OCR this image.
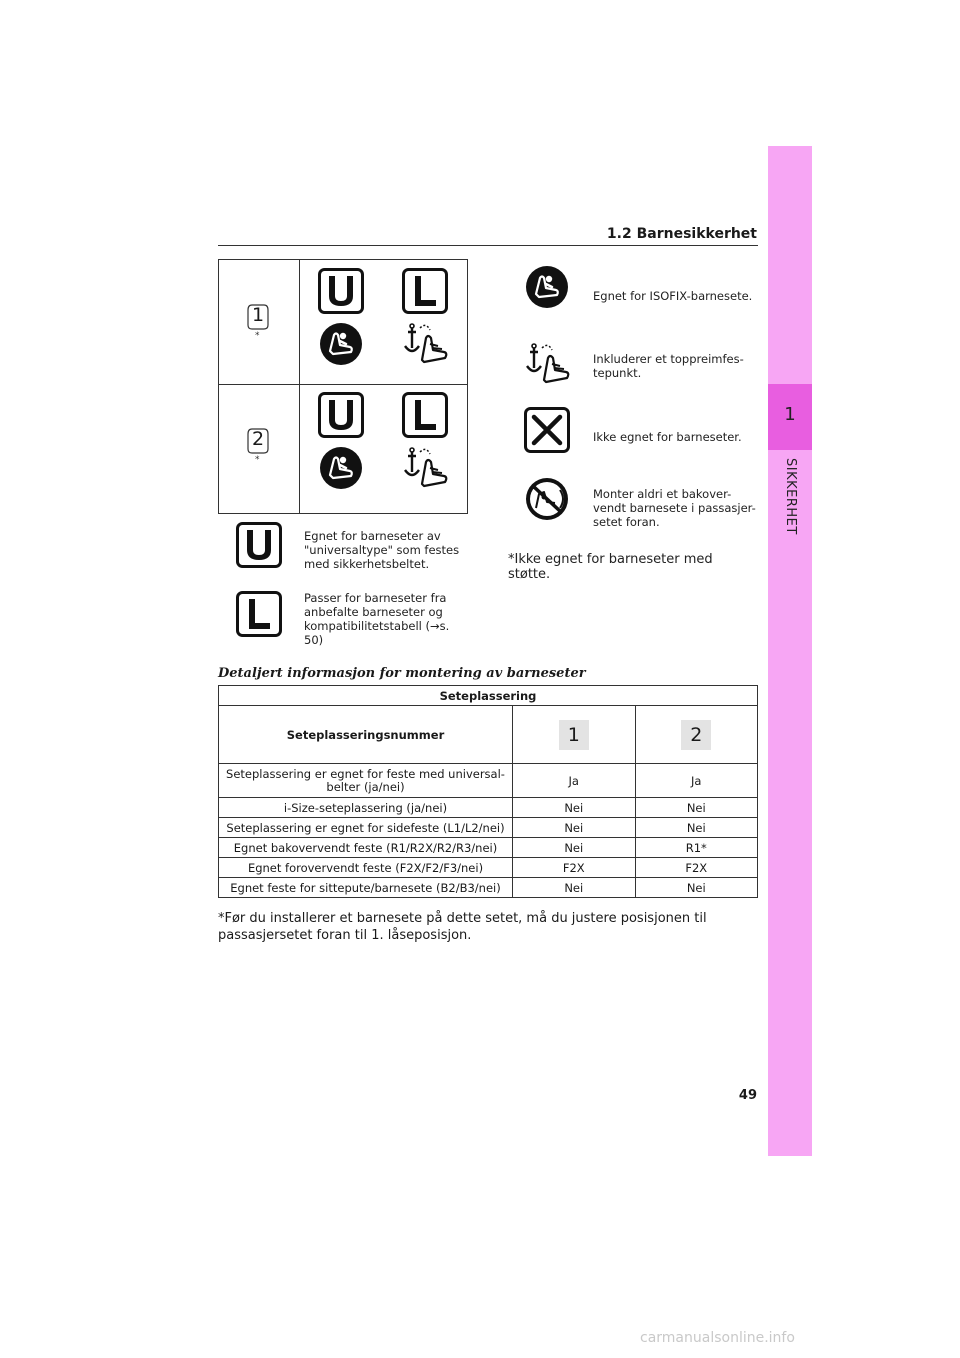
1
SIKKERHET
1.2 Barnesikkerhet
1
*
2
*
Egnet for barneseter av "universaltype" som festes med sikkerhetsbeltet.
Passer for barneseter fra anbefalte barneseter og kompatibilitetstabell (→s. 50)
Egnet for ISOFIX-barnesete.
Inkluderer et toppreimfes- tepunkt.
Ikke egnet for barneseter.
Monter aldri et bakover- vendt barnesete i passasjer- setet foran.
*Ikke egnet for barneseter med støtte.
Detaljert informasjon for montering av barneseter
Seteplassering		
Seteplasseringsnummer	1	2

Seteplassering er egnet for feste med universal- belter (ja/nei)	Ja	Ja
i-Size-seteplassering (ja/nei)	Nei	Nei
Seteplassering er egnet for sidefeste (L1/L2/nei)	Nei	Nei
Egnet bakovervendt feste (R1/R2X/R2/R3/nei)	Nei	R1*
Egnet forovervendt feste (F2X/F2/F3/nei)	F2X	F2X
Egnet feste for sittepute/barnesete (B2/B3/nei)	Nei	Nei
*Før du installerer et barnesete på dette setet, må du justere posisjonen til passasjersetet foran til 1. låseposisjon.
49
carmanualsonline.info
